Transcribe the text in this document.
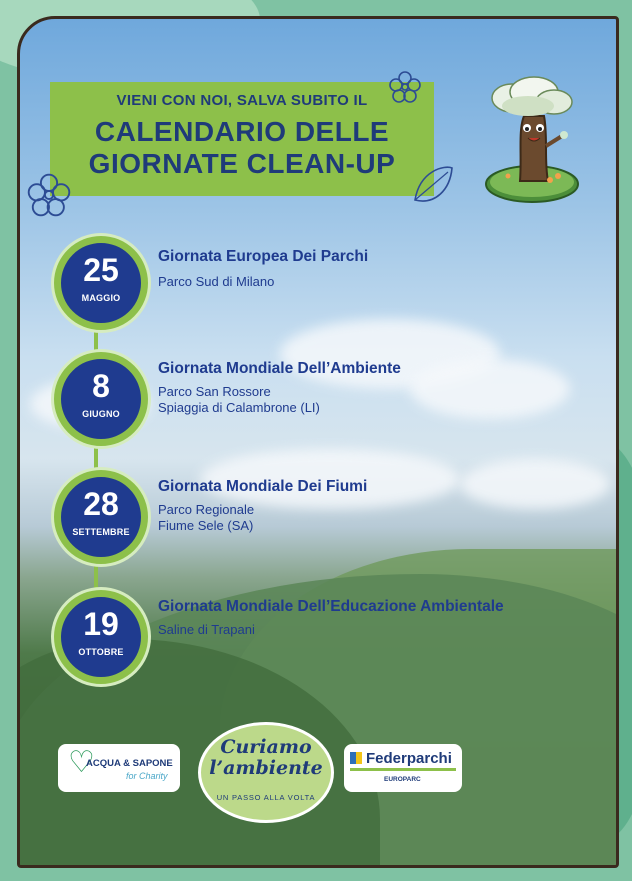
VIENI CON NOI, SALVA SUBITO IL
CALENDARIO DELLE
GIORNATE CLEAN-UP
25
MAGGIO
Giornata Europea Dei Parchi
Parco Sud di Milano
8
GIUGNO
Giornata Mondiale Dell’Ambiente
Parco San Rossore
Spiaggia di Calambrone (LI)
28
SETTEMBRE
Giornata Mondiale Dei Fiumi
Parco Regionale
Fiume Sele (SA)
19
OTTOBRE
Giornata Mondiale Dell’Educazione Ambientale
Saline di Trapani
♡
ACQUA & SAPONE
for Charity
Curiamo
l’ambiente
UN PASSO ALLA VOLTA
Federparchi
EUROPARC
